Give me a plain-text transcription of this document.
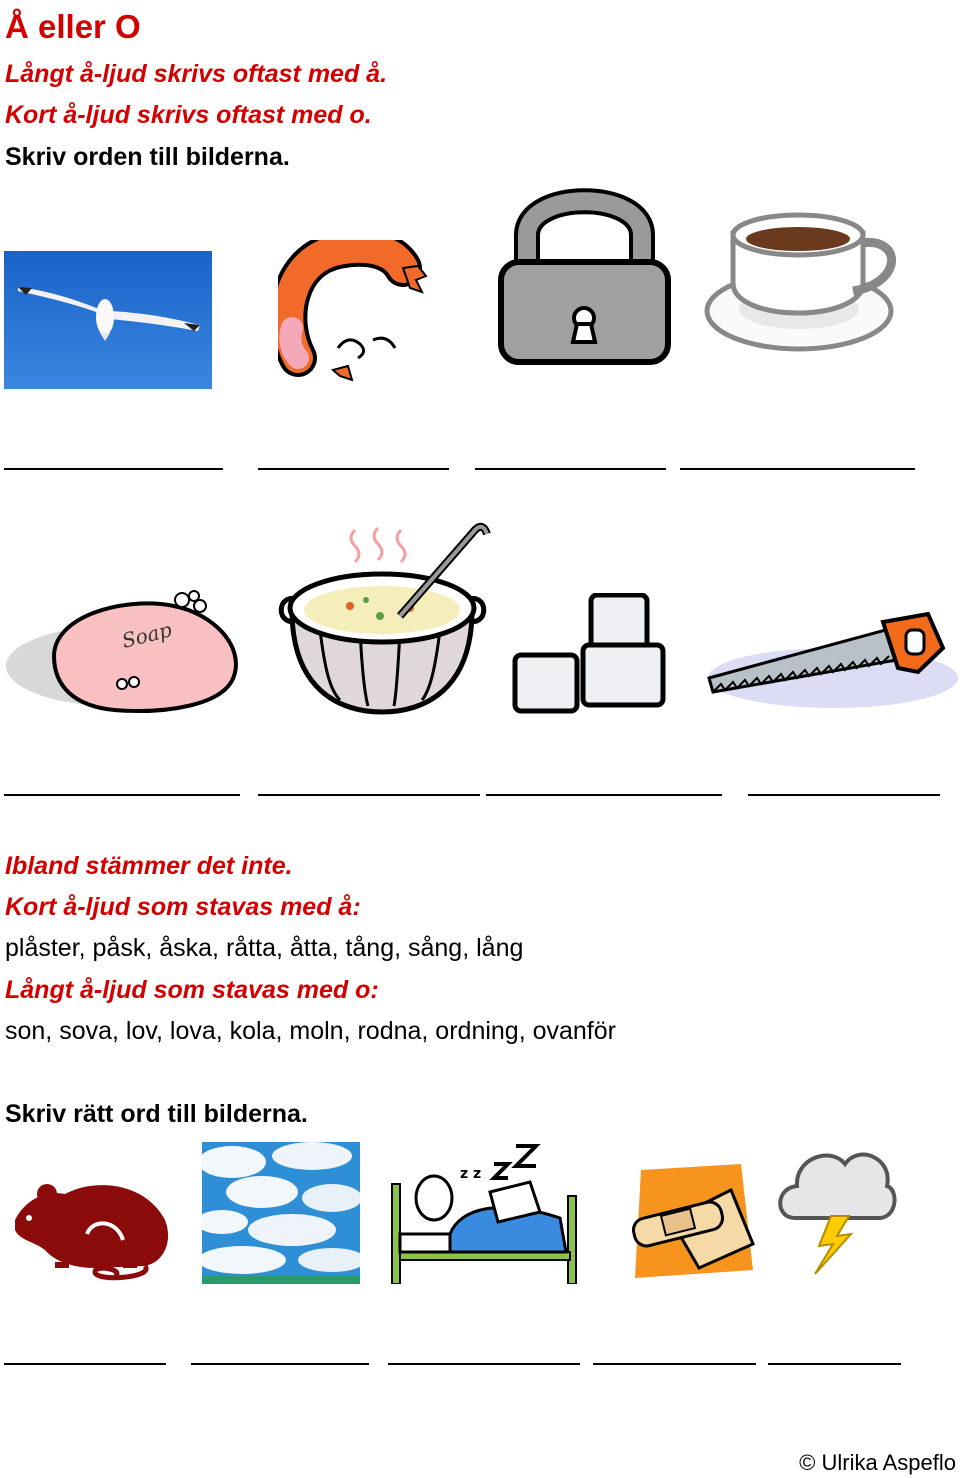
Å eller O
Långt å-ljud skrivs oftast med å.
Kort å-ljud skrivs oftast med o.
Skriv orden till bilderna.
Soap
Ibland stämmer det inte.
Kort å-ljud som stavas med å:
plåster, påsk, åska, råtta, åtta, tång, sång, lång
Långt å-ljud som stavas med o:
son, sova, lov, lova, kola, moln, rodna, ordning, ovanför
Skriv rätt ord till bilderna.
z z
© Ulrika Aspeflo
